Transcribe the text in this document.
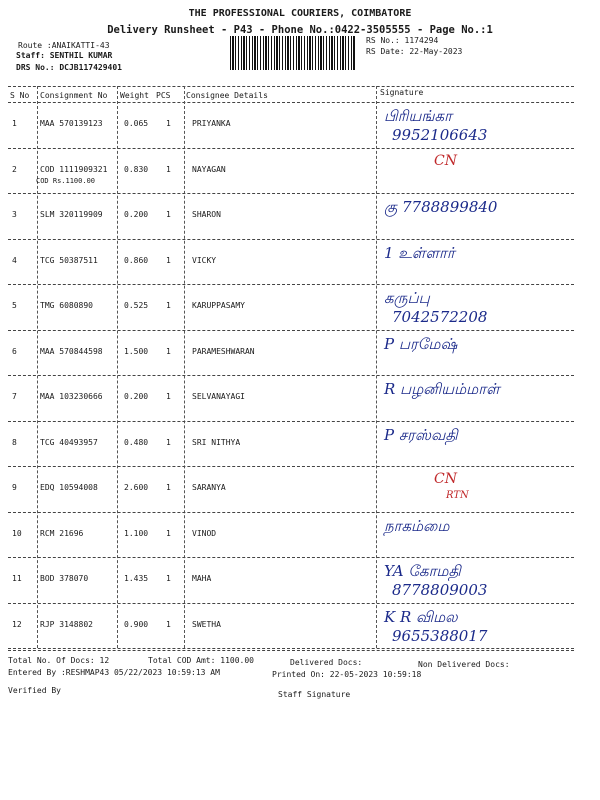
THE PROFESSIONAL COURIERS, COIMBATORE
Delivery Runsheet - P43 - Phone No.:0422-3505555 - Page No.:1
Route :ANAIKATTI-43
Staff: SENTHIL KUMAR
DRS No.: DCJB117429401
RS No.: 1174294
RS Date: 22-May-2023
S No Consignment No Weight PCS Consignee Details	Signature
1	MAA 570139123	0.065 1	PRIYANKA	பிரியங்கா
9952106643
2	COD 1111909321 0.830 1	NAYAGAN
COD Rs.1100.00
CN
3	SLM 320119909	0.200 1	SHARON	கு 7788899840
4	TCG 50387511	0.860 1	VICKY	1 உள்ளார்
5	TMG 6080890	0.525 1	KARUPPASAMY	கருப்பு
7042572208
6	MAA 570844598	1.500 1	PARAMESHWARAN	P பரமேஷ்
7	MAA 103230666	0.200 1	SELVANAYAGI	R பழனியம்மாள்
8	TCG 40493957	0.480 1	SRI NITHYA	P சரஸ்வதி
9	EDQ 10594008	2.600 1	SARANYA
CN
RTN
10 RCM 21696	1.100 1	VINOD	நாகம்மை
11 BOD 378070	1.435 1	MAHA	YA கோமதி
8778809003
12 RJP 3148802	0.900 1	SWETHA	K R விமல
9655388017
Total No. Of Docs: 12	Total COD Amt: 1100.00	Delivered Docs:	Non Delivered Docs:
Entered By :RESHMAP43 05/22/2023 10:59:13 AM	Printed On: 22-05-2023 10:59:18
Verified By	Staff Signature
